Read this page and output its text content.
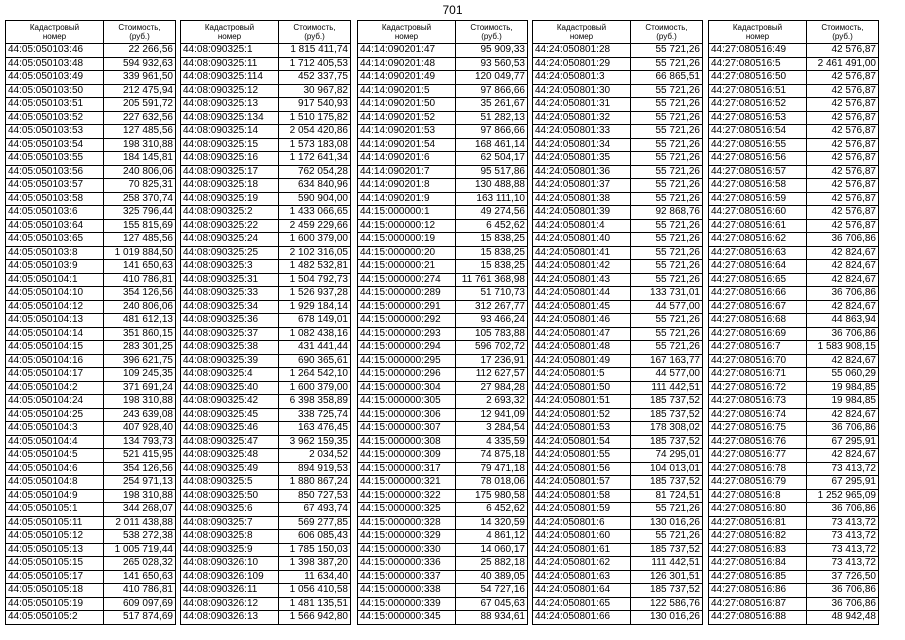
701
Кадастровый
номер	Стоимость,
(руб.)

44:05:050103:46	22 266,56
44:05:050103:48	594 932,63
44:05:050103:49	339 961,50
44:05:050103:50	212 475,94
44:05:050103:51	205 591,72
44:05:050103:52	227 632,56
44:05:050103:53	127 485,56
44:05:050103:54	198 310,88
44:05:050103:55	184 145,81
44:05:050103:56	240 806,06
44:05:050103:57	70 825,31
44:05:050103:58	258 370,74
44:05:050103:6	325 796,44
44:05:050103:64	155 815,69
44:05:050103:65	127 485,56
44:05:050103:8	1 019 884,50
44:05:050103:9	141 650,63
44:05:050104:1	410 786,81
44:05:050104:10	354 126,56
44:05:050104:12	240 806,06
44:05:050104:13	481 612,13
44:05:050104:14	351 860,15
44:05:050104:15	283 301,25
44:05:050104:16	396 621,75
44:05:050104:17	109 245,35
44:05:050104:2	371 691,24
44:05:050104:24	198 310,88
44:05:050104:25	243 639,08
44:05:050104:3	407 928,40
44:05:050104:4	134 793,73
44:05:050104:5	521 415,95
44:05:050104:6	354 126,56
44:05:050104:8	254 971,13
44:05:050104:9	198 310,88
44:05:050105:1	344 268,07
44:05:050105:11	2 011 438,88
44:05:050105:12	538 272,38
44:05:050105:13	1 005 719,44
44:05:050105:15	265 028,32
44:05:050105:17	141 650,63
44:05:050105:18	410 786,81
44:05:050105:19	609 097,69
44:05:050105:2	517 874,69
Кадастровый
номер	Стоимость,
(руб.)

44:08:090325:1	1 815 411,74
44:08:090325:11	1 712 405,53
44:08:090325:114	452 337,75
44:08:090325:12	30 967,82
44:08:090325:13	917 540,93
44:08:090325:134	1 510 175,82
44:08:090325:14	2 054 420,86
44:08:090325:15	1 573 183,08
44:08:090325:16	1 172 641,34
44:08:090325:17	762 054,28
44:08:090325:18	634 840,96
44:08:090325:19	590 904,00
44:08:090325:2	1 433 066,65
44:08:090325:22	2 459 229,66
44:08:090325:24	1 600 379,00
44:08:090325:25	2 102 316,05
44:08:090325:3	1 482 532,81
44:08:090325:31	1 504 792,73
44:08:090325:33	1 526 937,28
44:08:090325:34	1 929 184,14
44:08:090325:36	678 149,01
44:08:090325:37	1 082 438,16
44:08:090325:38	431 441,44
44:08:090325:39	690 365,61
44:08:090325:4	1 264 542,10
44:08:090325:40	1 600 379,00
44:08:090325:42	6 398 358,89
44:08:090325:45	338 725,74
44:08:090325:46	163 476,45
44:08:090325:47	3 962 159,35
44:08:090325:48	2 034,52
44:08:090325:49	894 919,53
44:08:090325:5	1 880 867,24
44:08:090325:50	850 727,53
44:08:090325:6	67 493,74
44:08:090325:7	569 277,85
44:08:090325:8	606 085,43
44:08:090325:9	1 785 150,03
44:08:090326:10	1 398 387,20
44:08:090326:109	11 634,40
44:08:090326:11	1 056 410,58
44:08:090326:12	1 481 135,51
44:08:090326:13	1 566 942,80
Кадастровый
номер	Стоимость,
(руб.)

44:14:090201:47	95 909,33
44:14:090201:48	93 560,53
44:14:090201:49	120 049,77
44:14:090201:5	97 866,66
44:14:090201:50	35 261,67
44:14:090201:52	51 282,13
44:14:090201:53	97 866,66
44:14:090201:54	168 461,14
44:14:090201:6	62 504,17
44:14:090201:7	95 517,86
44:14:090201:8	130 488,88
44:14:090201:9	163 111,10
44:15:000000:1	49 274,56
44:15:000000:12	6 452,62
44:15:000000:19	15 838,25
44:15:000000:20	15 838,25
44:15:000000:21	15 838,25
44:15:000000:274	11 761 368,98
44:15:000000:289	51 710,73
44:15:000000:291	312 267,77
44:15:000000:292	93 466,24
44:15:000000:293	105 783,88
44:15:000000:294	596 702,72
44:15:000000:295	17 236,91
44:15:000000:296	112 627,57
44:15:000000:304	27 984,28
44:15:000000:305	2 693,32
44:15:000000:306	12 941,09
44:15:000000:307	3 284,54
44:15:000000:308	4 335,59
44:15:000000:309	74 875,18
44:15:000000:317	79 471,18
44:15:000000:321	78 018,06
44:15:000000:322	175 980,58
44:15:000000:325	6 452,62
44:15:000000:328	14 320,59
44:15:000000:329	4 861,12
44:15:000000:330	14 060,17
44:15:000000:336	25 882,18
44:15:000000:337	40 389,05
44:15:000000:338	54 727,16
44:15:000000:339	67 045,63
44:15:000000:345	88 934,61
Кадастровый
номер	Стоимость,
(руб.)

44:24:050801:28	55 721,26
44:24:050801:29	55 721,26
44:24:050801:3	66 865,51
44:24:050801:30	55 721,26
44:24:050801:31	55 721,26
44:24:050801:32	55 721,26
44:24:050801:33	55 721,26
44:24:050801:34	55 721,26
44:24:050801:35	55 721,26
44:24:050801:36	55 721,26
44:24:050801:37	55 721,26
44:24:050801:38	55 721,26
44:24:050801:39	92 868,76
44:24:050801:4	55 721,26
44:24:050801:40	55 721,26
44:24:050801:41	55 721,26
44:24:050801:42	55 721,26
44:24:050801:43	55 721,26
44:24:050801:44	133 731,01
44:24:050801:45	44 577,00
44:24:050801:46	55 721,26
44:24:050801:47	55 721,26
44:24:050801:48	55 721,26
44:24:050801:49	167 163,77
44:24:050801:5	44 577,00
44:24:050801:50	111 442,51
44:24:050801:51	185 737,52
44:24:050801:52	185 737,52
44:24:050801:53	178 308,02
44:24:050801:54	185 737,52
44:24:050801:55	74 295,01
44:24:050801:56	104 013,01
44:24:050801:57	185 737,52
44:24:050801:58	81 724,51
44:24:050801:59	55 721,26
44:24:050801:6	130 016,26
44:24:050801:60	55 721,26
44:24:050801:61	185 737,52
44:24:050801:62	111 442,51
44:24:050801:63	126 301,51
44:24:050801:64	185 737,52
44:24:050801:65	122 586,76
44:24:050801:66	130 016,26
Кадастровый
номер	Стоимость,
(руб.)

44:27:080516:49	42 576,87
44:27:080516:5	2 461 491,00
44:27:080516:50	42 576,87
44:27:080516:51	42 576,87
44:27:080516:52	42 576,87
44:27:080516:53	42 576,87
44:27:080516:54	42 576,87
44:27:080516:55	42 576,87
44:27:080516:56	42 576,87
44:27:080516:57	42 576,87
44:27:080516:58	42 576,87
44:27:080516:59	42 576,87
44:27:080516:60	42 576,87
44:27:080516:61	42 576,87
44:27:080516:62	36 706,86
44:27:080516:63	42 824,67
44:27:080516:64	42 824,67
44:27:080516:65	42 824,67
44:27:080516:66	36 706,86
44:27:080516:67	42 824,67
44:27:080516:68	44 863,94
44:27:080516:69	36 706,86
44:27:080516:7	1 583 908,15
44:27:080516:70	42 824,67
44:27:080516:71	55 060,29
44:27:080516:72	19 984,85
44:27:080516:73	19 984,85
44:27:080516:74	42 824,67
44:27:080516:75	36 706,86
44:27:080516:76	67 295,91
44:27:080516:77	42 824,67
44:27:080516:78	73 413,72
44:27:080516:79	67 295,91
44:27:080516:8	1 252 965,09
44:27:080516:80	36 706,86
44:27:080516:81	73 413,72
44:27:080516:82	73 413,72
44:27:080516:83	73 413,72
44:27:080516:84	73 413,72
44:27:080516:85	37 726,50
44:27:080516:86	36 706,86
44:27:080516:87	36 706,86
44:27:080516:88	48 942,48
